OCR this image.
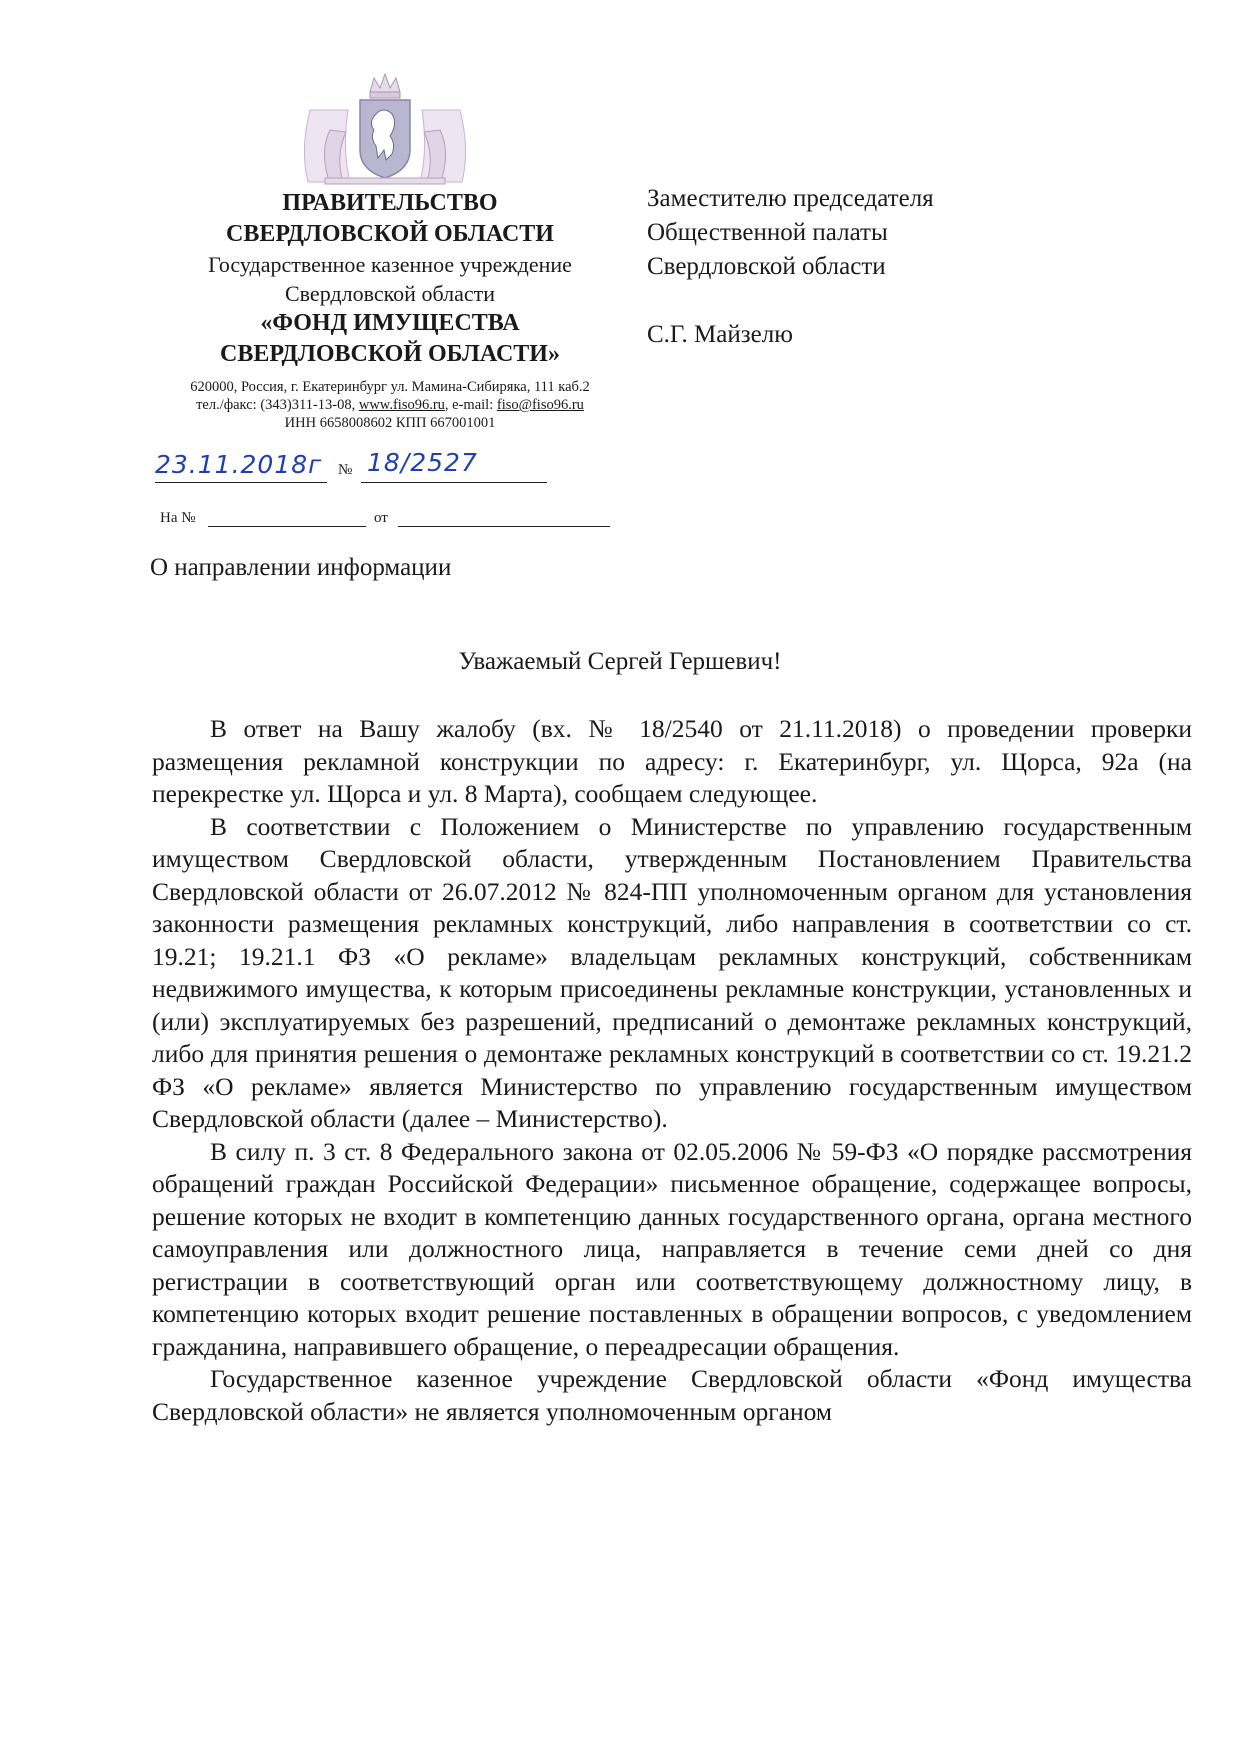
ПРАВИТЕЛЬСТВО
СВЕРДЛОВСКОЙ ОБЛАСТИ
Государственное казенное учреждение
Свердловской области
«ФОНД ИМУЩЕСТВА
СВЕРДЛОВСКОЙ ОБЛАСТИ»
620000, Россия, г. Екатеринбург ул. Мамина-Сибиряка, 111 каб.2
тел./факс: (343)311-13-08, www.fiso96.ru, e-mail: fiso@fiso96.ru
ИНН 6658008602 КПП 667001001
23.11.2018г № 18/2527
На №	от
Заместителю председателя
Общественной палаты
Свердловской области
С.Г. Майзелю
О направлении информации
Уважаемый Сергей Гершевич!

В ответ на Вашу жалобу (вх. № 18/2540 от 21.11.2018) о проведении проверки размещения рекламной конструкции по адресу: г. Екатеринбург, ул. Щорса, 92а (на перекрестке ул. Щорса и ул. 8 Марта), сообщаем следующее.

В соответствии с Положением о Министерстве по управлению государственным имуществом Свердловской области, утвержденным Постановлением Правительства Свердловской области от 26.07.2012 № 824-ПП уполномоченным органом для установления законности размещения рекламных конструкций, либо направления в соответствии со ст. 19.21; 19.21.1 ФЗ «О рекламе» владельцам рекламных конструкций, собственникам недвижимого имущества, к которым присоединены рекламные конструкции, установленных и (или) эксплуатируемых без разрешений, предписаний о демонтаже рекламных конструкций, либо для принятия решения о демонтаже рекламных конструкций в соответствии со ст. 19.21.2 ФЗ «О рекламе» является Министерство по управлению государственным имуществом Свердловской области (далее – Министерство).

В силу п. 3 ст. 8 Федерального закона от 02.05.2006 № 59-ФЗ «О порядке рассмотрения обращений граждан Российской Федерации» письменное обращение, содержащее вопросы, решение которых не входит в компетенцию данных государственного органа, органа местного самоуправления или должностного лица, направляется в течение семи дней со дня регистрации в соответствующий орган или соответствующему должностному лицу, в компетенцию которых входит решение поставленных в обращении вопросов, с уведомлением гражданина, направившего обращение, о переадресации обращения.

Государственное казенное учреждение Свердловской области «Фонд имущества Свердловской области» не является уполномоченным органом
